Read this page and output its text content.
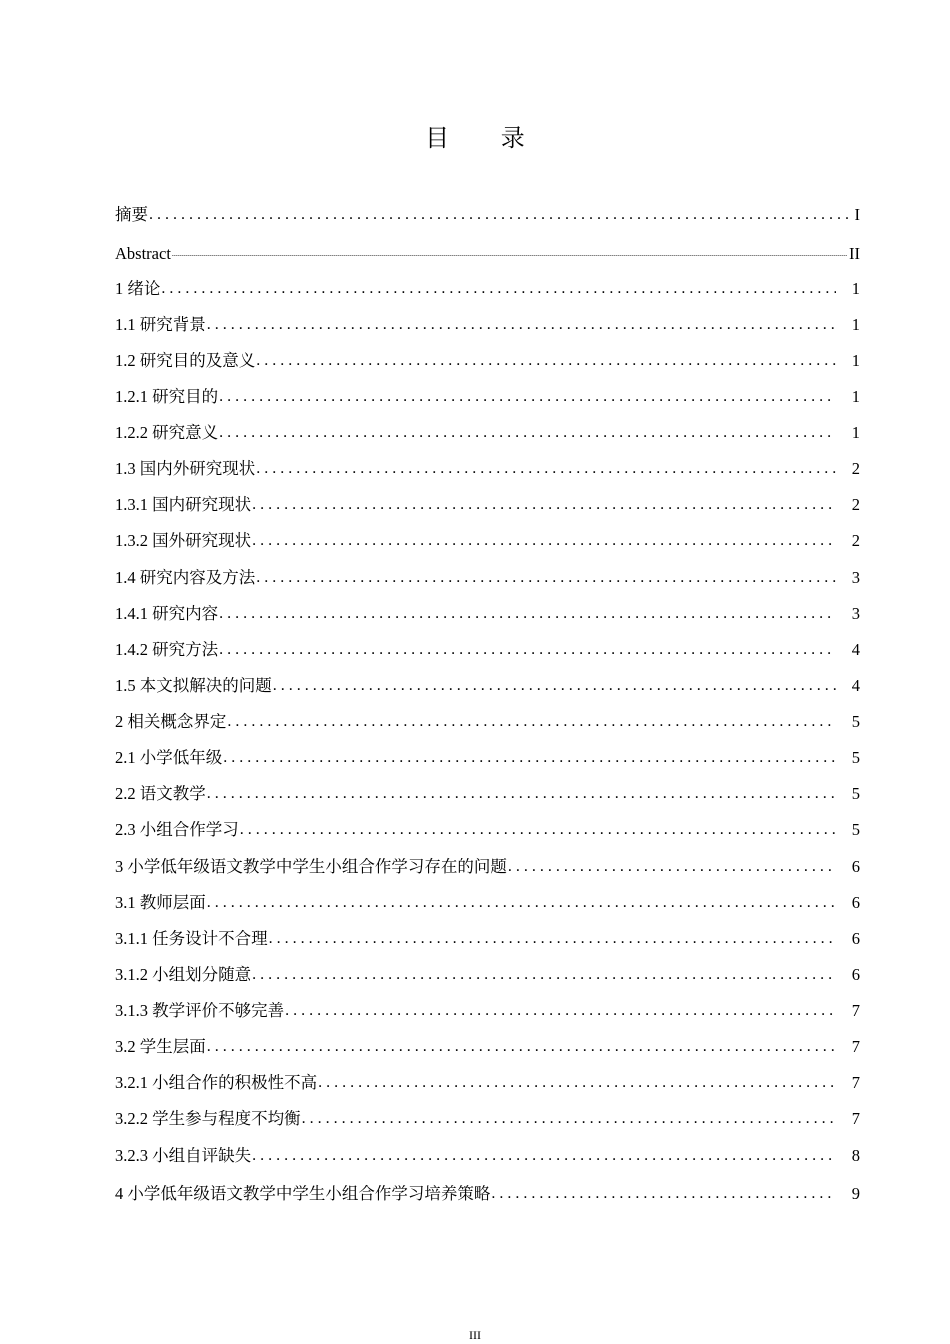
目 录
摘要 . . .	I
Abstract .....	II
1 绪论 . . .	1
1.1 研究背景 . . .	1
1.2 研究目的及意义 . . .	1
1.2.1 研究目的 . . .	1
1.2.2 研究意义 . . .	1
1.3 国内外研究现状 . . .	2
1.3.1 国内研究现状 . . .	2
1.3.2 国外研究现状 . . .	2
1.4 研究内容及方法 . . .	3
1.4.1 研究内容 . . .	3
1.4.2 研究方法 . . .	4
1.5 本文拟解决的问题 . . .	4
2 相关概念界定 . . .	5
2.1 小学低年级 . . .	5
2.2 语文教学 . . .	5
2.3 小组合作学习 . . .	5
3 小学低年级语文教学中学生小组合作学习存在的问题 . . .	6
3.1 教师层面 . . .	6
3.1.1 任务设计不合理 . . .	6
3.1.2 小组划分随意 . . .	6
3.1.3 教学评价不够完善 . . .	7
3.2 学生层面 . . .	7
3.2.1 小组合作的积极性不高 . . .	7
3.2.2 学生参与程度不均衡 . . .	7
3.2.3 小组自评缺失 . . .	8
4 小学低年级语文教学中学生小组合作学习培养策略 . . .	9
III
